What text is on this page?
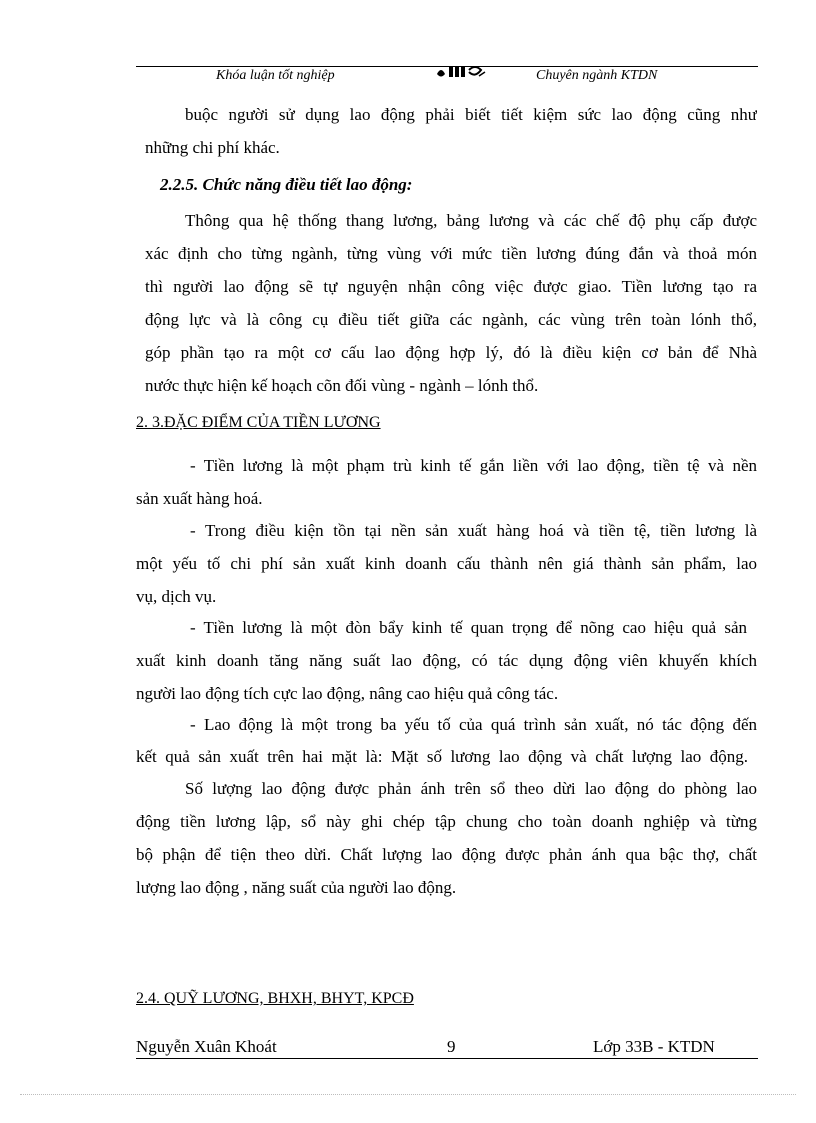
Khóa luận tốt nghiệp	Chuyên ngành KTDN
buộc người sử dụng lao động phải biết tiết kiệm sức lao động cũng như
những chi phí khác.
2.2.5. Chức năng điều tiết lao động:
Thông qua hệ thống thang lương, bảng lương và các chế độ phụ cấp được
xác định cho từng ngành, từng vùng với mức tiền lương đúng đắn và thoả món
thì người lao động sẽ tự nguyện nhận công việc được giao. Tiền lương tạo ra
động lực và là công cụ điều tiết giữa các ngành, các vùng trên toàn lónh thổ,
góp phần tạo ra một cơ cấu lao động hợp lý, đó là điều kiện cơ bản để Nhà
nước thực hiện kế hoạch cõn đối vùng - ngành – lónh thổ.
2. 3.ĐẶC ĐIỂM CỦA TIỀN LƯƠNG
- Tiền lương là một phạm trù kinh tế gắn liền với lao động, tiền tệ và nền
sản xuất hàng hoá.
- Trong điều kiện tồn tại nền sản xuất hàng hoá và tiền tệ, tiền lương là
một yếu tố chi phí sản xuất kinh doanh cấu thành nên giá thành sản phẩm, lao
vụ, dịch vụ.
- Tiền lương là một đòn bẩy kinh tế quan trọng để nõng cao hiệu quả sản
xuất kinh doanh tăng năng suất lao động, có tác dụng động viên khuyến khích
người lao động tích cực lao động, nâng cao hiệu quả công tác.
- Lao động là một trong ba yếu tố của quá trình sản xuất, nó tác động đến
kết quả sản xuất trên hai mặt là: Mặt số lương lao động và chất lượng lao động.
Số lượng lao động được phản ánh trên sổ theo dừi lao động do phòng lao
động tiền lương lập, sổ này ghi chép tập chung cho toàn doanh nghiệp và từng
bộ phận để tiện theo dừi. Chất lượng lao động được phản ánh qua bậc thợ, chất
lượng lao động , năng suất của người lao động.
2.4. QUỸ LƯƠNG, BHXH, BHYT, KPCĐ
Nguyễn Xuân Khoát	9	Lớp 33B - KTDN
